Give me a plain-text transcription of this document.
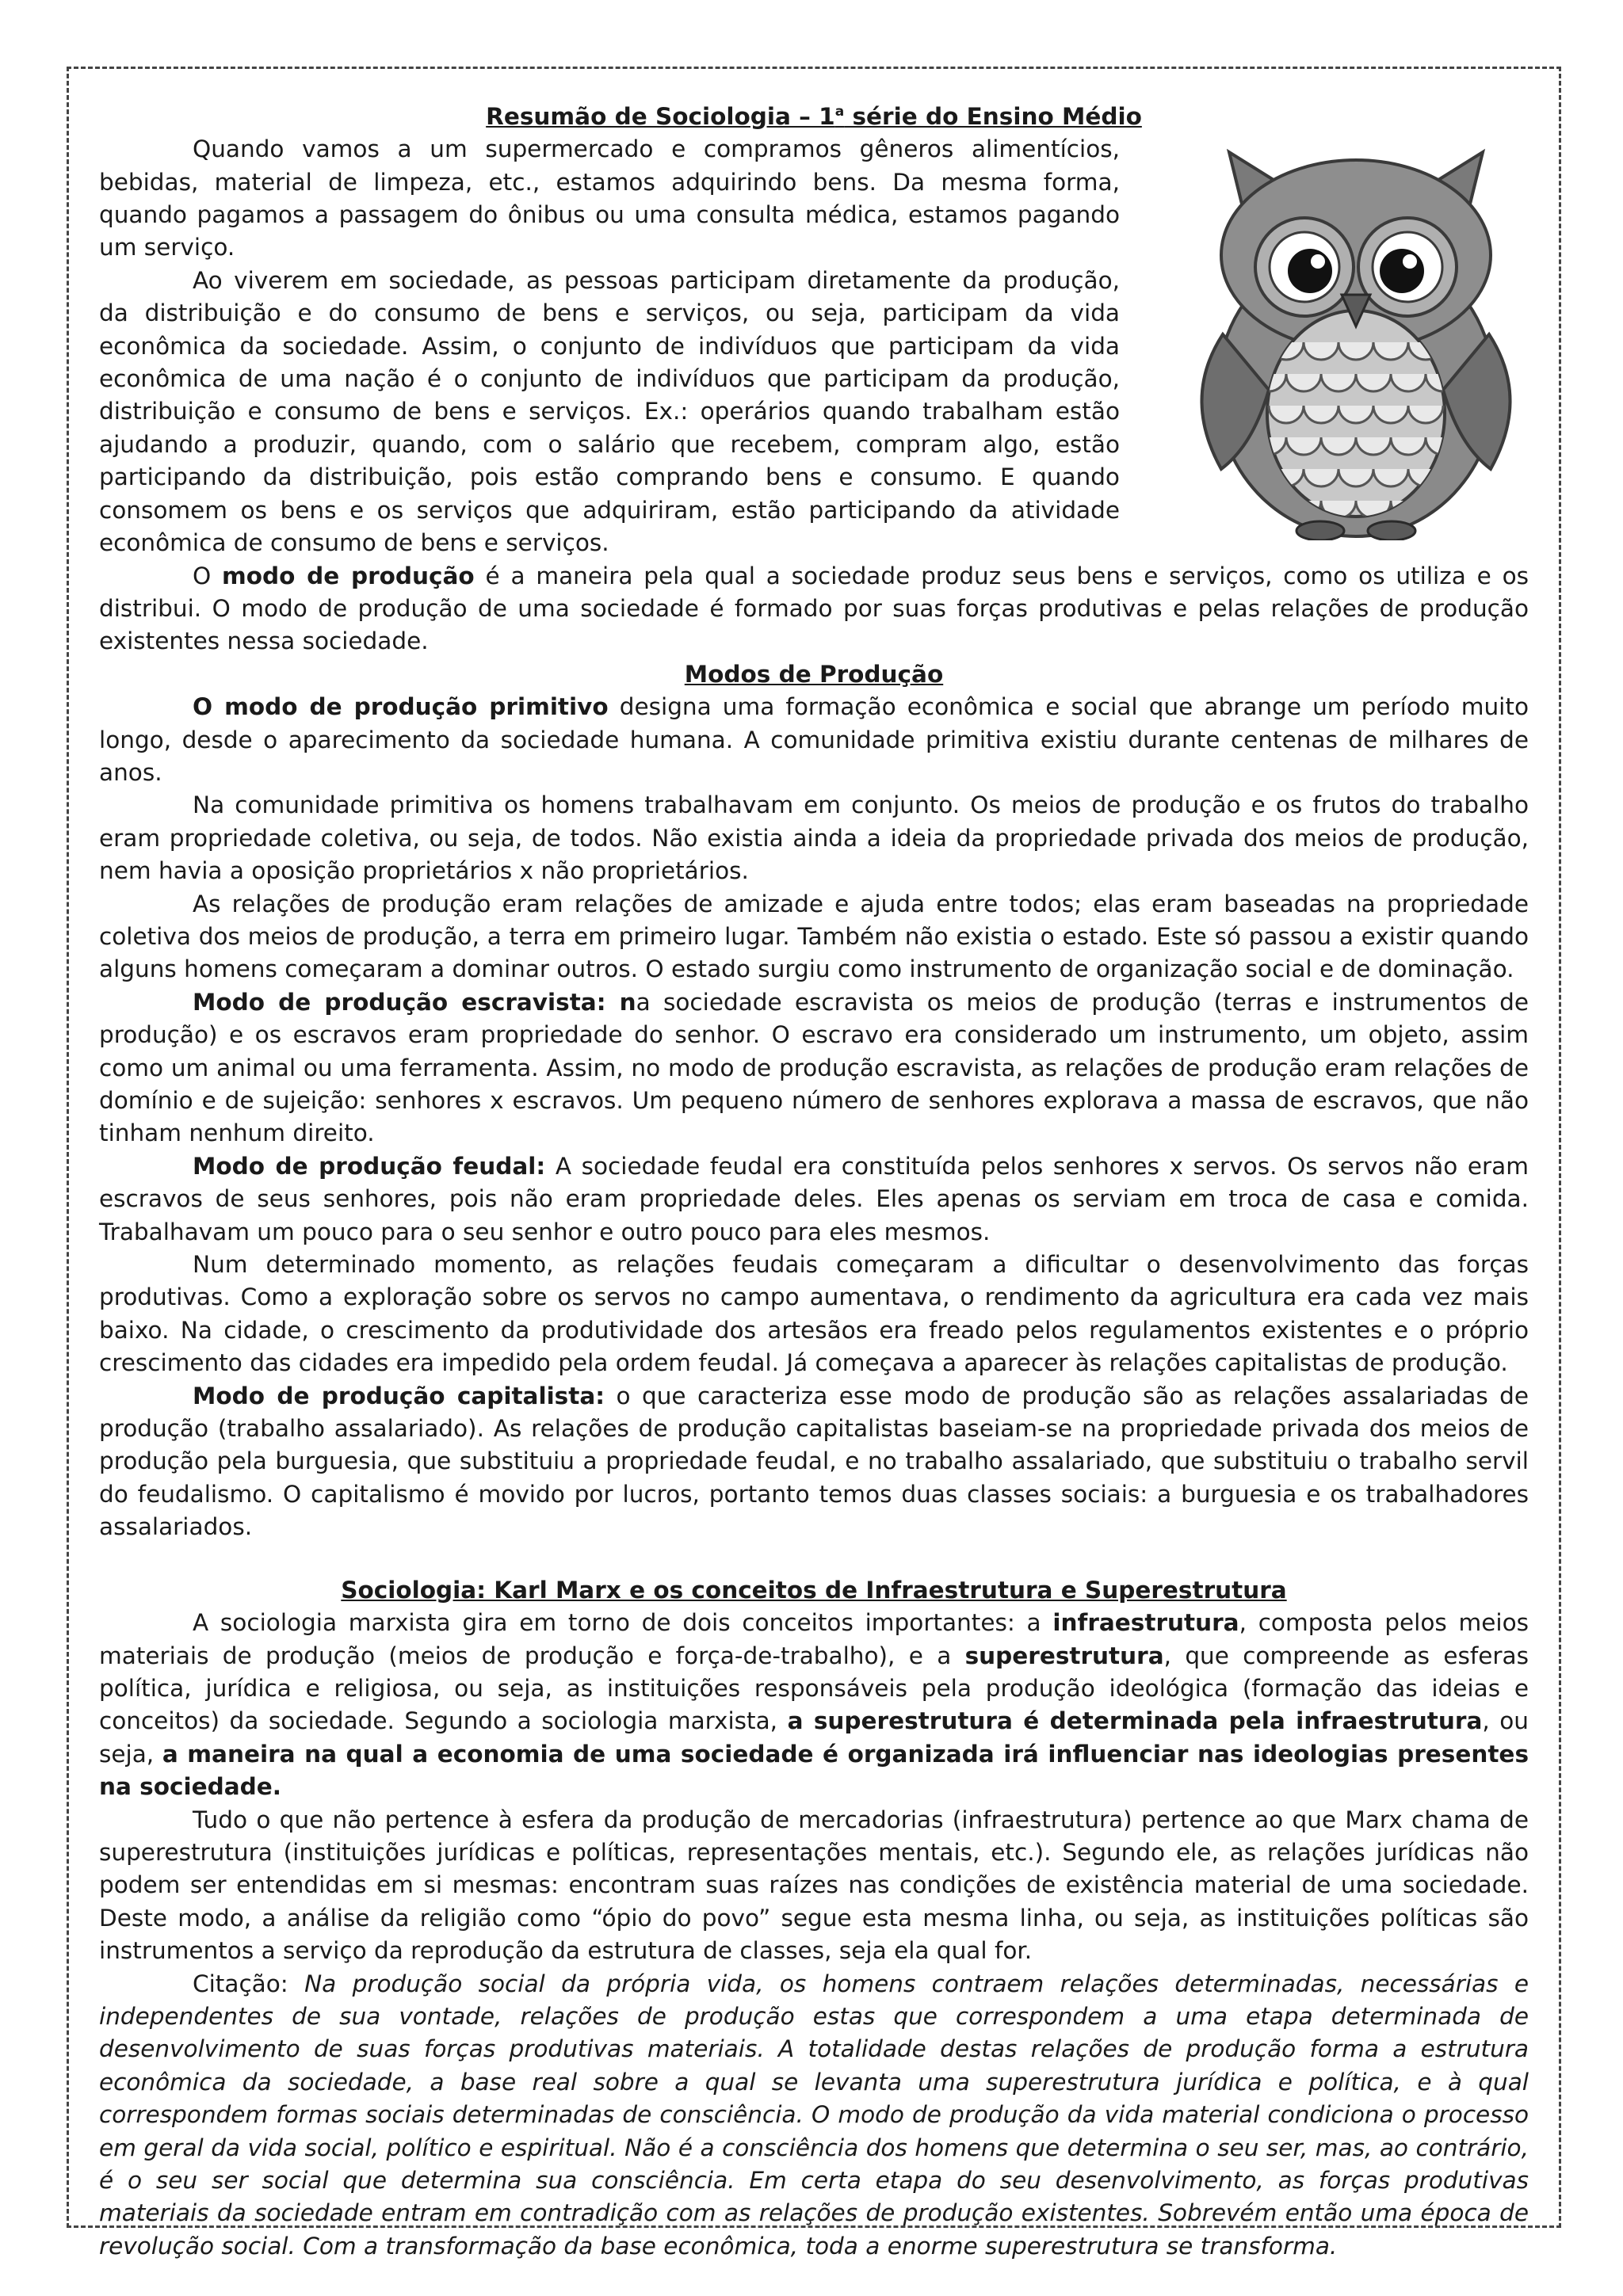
Resumão de Sociologia – 1$^a$ série do Ensino Médio

Quando vamos a um supermercado e compramos gêneros alimentícios, bebidas, material de limpeza, etc., estamos adquirindo bens. Da mesma forma, quando pagamos a passagem do ônibus ou uma consulta médica, estamos pagando um serviço.

Ao viverem em sociedade, as pessoas participam diretamente da produção, da distribuição e do consumo de bens e serviços, ou seja, participam da vida econômica da sociedade. Assim, o conjunto de indivíduos que participam da vida econômica de uma nação é o conjunto de indivíduos que participam da produção, distribuição e consumo de bens e serviços. Ex.: operários quando trabalham estão ajudando a produzir, quando, com o salário que recebem, compram algo, estão participando da distribuição, pois estão comprando bens e consumo. E quando consomem os bens e os serviços que adquiriram, estão participando da atividade econômica de consumo de bens e serviços.

O modo de produção é a maneira pela qual a sociedade produz seus bens e serviços, como os utiliza e os distribui. O modo de produção de uma sociedade é formado por suas forças produtivas e pelas relações de produção existentes nessa sociedade.

Modos de Produção

O modo de produção primitivo designa uma formação econômica e social que abrange um período muito longo, desde o aparecimento da sociedade humana. A comunidade primitiva existiu durante centenas de milhares de anos.

Na comunidade primitiva os homens trabalhavam em conjunto. Os meios de produção e os frutos do trabalho eram propriedade coletiva, ou seja, de todos. Não existia ainda a ideia da propriedade privada dos meios de produção, nem havia a oposição proprietários x não proprietários.

As relações de produção eram relações de amizade e ajuda entre todos; elas eram baseadas na propriedade coletiva dos meios de produção, a terra em primeiro lugar. Também não existia o estado. Este só passou a existir quando alguns homens começaram a dominar outros. O estado surgiu como instrumento de organização social e de dominação.

Modo de produção escravista: na sociedade escravista os meios de produção (terras e instrumentos de produção) e os escravos eram propriedade do senhor. O escravo era considerado um instrumento, um objeto, assim como um animal ou uma ferramenta. Assim, no modo de produção escravista, as relações de produção eram relações de domínio e de sujeição: senhores x escravos. Um pequeno número de senhores explorava a massa de escravos, que não tinham nenhum direito.

Modo de produção feudal: A sociedade feudal era constituída pelos senhores x servos. Os servos não eram escravos de seus senhores, pois não eram propriedade deles. Eles apenas os serviam em troca de casa e comida. Trabalhavam um pouco para o seu senhor e outro pouco para eles mesmos.

Num determinado momento, as relações feudais começaram a dificultar o desenvolvimento das forças produtivas. Como a exploração sobre os servos no campo aumentava, o rendimento da agricultura era cada vez mais baixo. Na cidade, o crescimento da produtividade dos artesãos era freado pelos regulamentos existentes e o próprio crescimento das cidades era impedido pela ordem feudal. Já começava a aparecer às relações capitalistas de produção.

Modo de produção capitalista: o que caracteriza esse modo de produção são as relações assalariadas de produção (trabalho assalariado). As relações de produção capitalistas baseiam-se na propriedade privada dos meios de produção pela burguesia, que substituiu a propriedade feudal, e no trabalho assalariado, que substituiu o trabalho servil do feudalismo. O capitalismo é movido por lucros, portanto temos duas classes sociais: a burguesia e os trabalhadores assalariados.

Sociologia: Karl Marx e os conceitos de Infraestrutura e Superestrutura

A sociologia marxista gira em torno de dois conceitos importantes: a infraestrutura, composta pelos meios materiais de produção (meios de produção e força-de-trabalho), e a superestrutura, que compreende as esferas política, jurídica e religiosa, ou seja, as instituições responsáveis pela produção ideológica (formação das ideias e conceitos) da sociedade. Segundo a sociologia marxista, a superestrutura é determinada pela infraestrutura, ou seja, a maneira na qual a economia de uma sociedade é organizada irá influenciar nas ideologias presentes na sociedade.

Tudo o que não pertence à esfera da produção de mercadorias (infraestrutura) pertence ao que Marx chama de superestrutura (instituições jurídicas e políticas, representações mentais, etc.). Segundo ele, as relações jurídicas não podem ser entendidas em si mesmas: encontram suas raízes nas condições de existência material de uma sociedade. Deste modo, a análise da religião como “ópio do povo” segue esta mesma linha, ou seja, as instituições políticas são instrumentos a serviço da reprodução da estrutura de classes, seja ela qual for.

Citação: Na produção social da própria vida, os homens contraem relações determinadas, necessárias e independentes de sua vontade, relações de produção estas que correspondem a uma etapa determinada de desenvolvimento de suas forças produtivas materiais. A totalidade destas relações de produção forma a estrutura econômica da sociedade, a base real sobre a qual se levanta uma superestrutura jurídica e política, e à qual correspondem formas sociais determinadas de consciência. O modo de produção da vida material condiciona o processo em geral da vida social, político e espiritual. Não é a consciência dos homens que determina o seu ser, mas, ao contrário, é o seu ser social que determina sua consciência. Em certa etapa do seu desenvolvimento, as forças produtivas materiais da sociedade entram em contradição com as relações de produção existentes. Sobrevém então uma época de revolução social. Com a transformação da base econômica, toda a enorme superestrutura se transforma.
